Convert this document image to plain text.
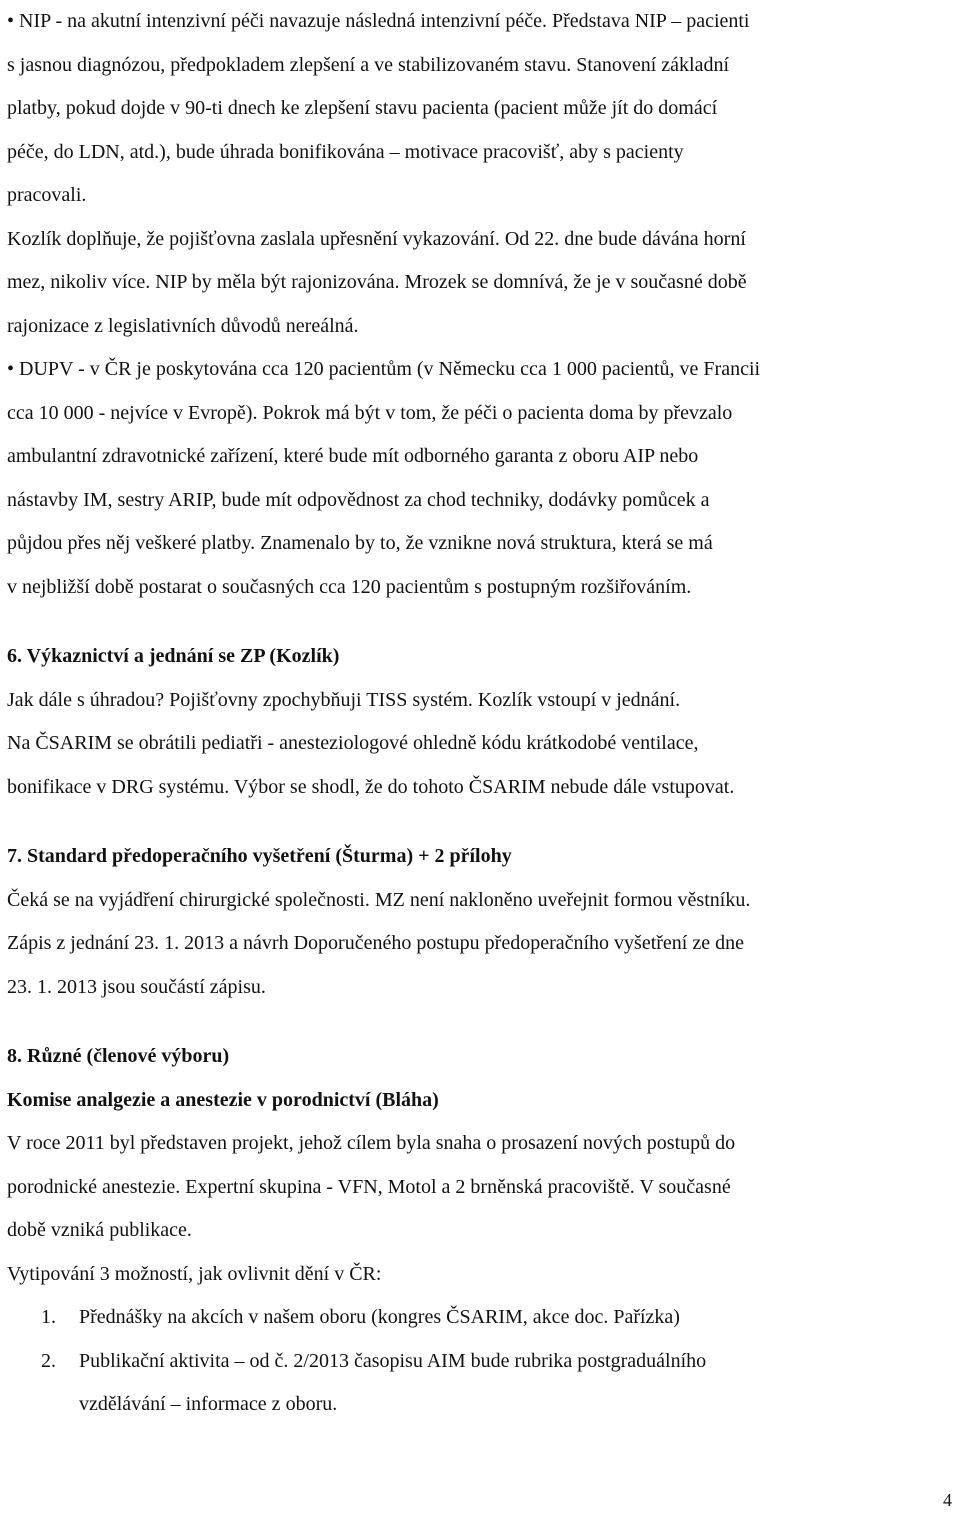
• NIP - na akutní intenzivní péči navazuje následná intenzivní péče. Představa NIP – pacienti

s jasnou diagnózou, předpokladem zlepšení a ve stabilizovaném stavu. Stanovení základní

platby, pokud dojde v 90-ti dnech ke zlepšení stavu pacienta (pacient může jít do domácí

péče, do LDN, atd.), bude úhrada bonifikována – motivace pracovišť, aby s pacienty

pracovali.

Kozlík doplňuje, že pojišťovna zaslala upřesnění vykazování. Od 22. dne bude dávána horní

mez, nikoliv více. NIP by měla být rajonizována. Mrozek se domnívá, že je v současné době

rajonizace z legislativních důvodů nereálná.

• DUPV - v ČR je poskytována cca 120 pacientům (v Německu cca 1 000 pacientů, ve Francii

cca 10 000 - nejvíce v Evropě). Pokrok má být v tom, že péči o pacienta doma by převzalo

ambulantní zdravotnické zařízení, které bude mít odborného garanta z oboru AIP nebo

nástavby IM, sestry ARIP, bude mít odpovědnost za chod techniky, dodávky pomůcek a

půjdou přes něj veškeré platby. Znamenalo by to, že vznikne nová struktura, která se má

v nejbližší době postarat o současných cca 120 pacientům s postupným rozšiřováním.

6. Výkaznictví a jednání se ZP (Kozlík)

Jak dále s úhradou? Pojišťovny zpochybňuji TISS systém. Kozlík vstoupí v jednání.

Na ČSARIM se obrátili pediatři - anesteziologové ohledně kódu krátkodobé ventilace,

bonifikace v DRG systému. Výbor se shodl, že do tohoto ČSARIM nebude dále vstupovat.

7. Standard předoperačního vyšetření (Šturma) + 2 přílohy

Čeká se na vyjádření chirurgické společnosti. MZ není nakloněno uveřejnit formou věstníku.

Zápis z jednání 23. 1. 2013 a návrh Doporučeného postupu předoperačního vyšetření ze dne

23. 1. 2013 jsou součástí zápisu.

8. Různé (členové výboru)

Komise analgezie a anestezie v porodnictví (Bláha)

V roce 2011 byl představen projekt, jehož cílem byla snaha o prosazení nových postupů do

porodnické anestezie. Expertní skupina - VFN, Motol a 2 brněnská pracoviště. V současné

době vzniká publikace.

Vytipování 3 možností, jak ovlivnit dění v ČR:

1.	Přednášky na akcích v našem oboru (kongres ČSARIM, akce doc. Pařízka)

2.	Publikační aktivita – od č. 2/2013 časopisu AIM bude rubrika postgraduálního

vzdělávání – informace z oboru.

4
